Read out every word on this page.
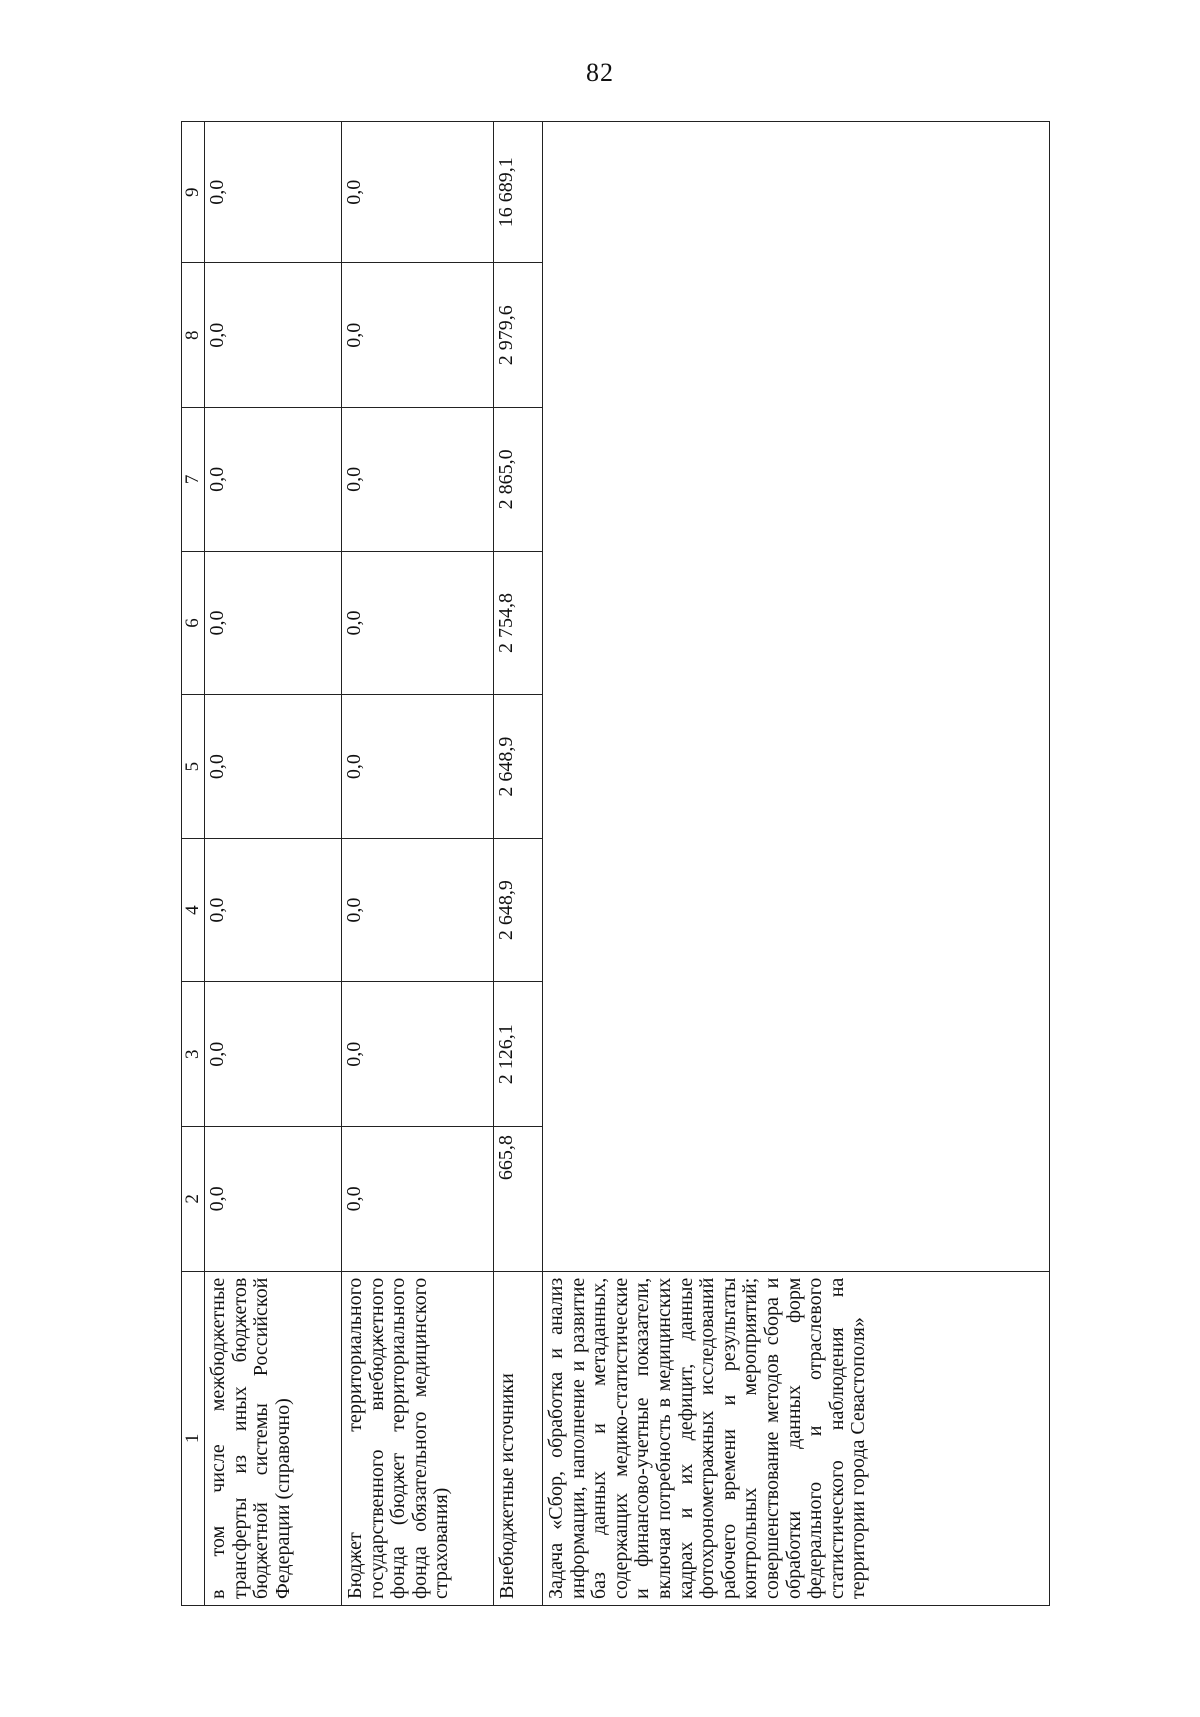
82
1	2	3	4	5	6	7	8	9
в том числе межбюджетные трансферты из иных бюджетов бюджетной системы Российской Федерации (справочно)	0,0	0,0	0,0	0,0	0,0	0,0	0,0	0,0
Бюджет территориального государственного внебюджетного фонда (бюджет территориального фонда обязательного медицинского страхования)	0,0	0,0	0,0	0,0	0,0	0,0	0,0	0,0
Внебюджетные источники	665,8	2 126,1	2 648,9	2 648,9	2 754,8	2 865,0	2 979,6	16 689,1
Задача «Сбор, обработка и анализ информации, наполнение и развитие баз данных и метаданных, содержащих медико-статистические и финансово-учетные показатели, включая потребность в медицинских кадрах и их дефицит, данные фотохронометражных исследований рабочего времени и результаты контрольных мероприятий; совершенствование методов сбора и обработки данных форм федерального и отраслевого статистического наблюдения на территории города Севастополя»								
